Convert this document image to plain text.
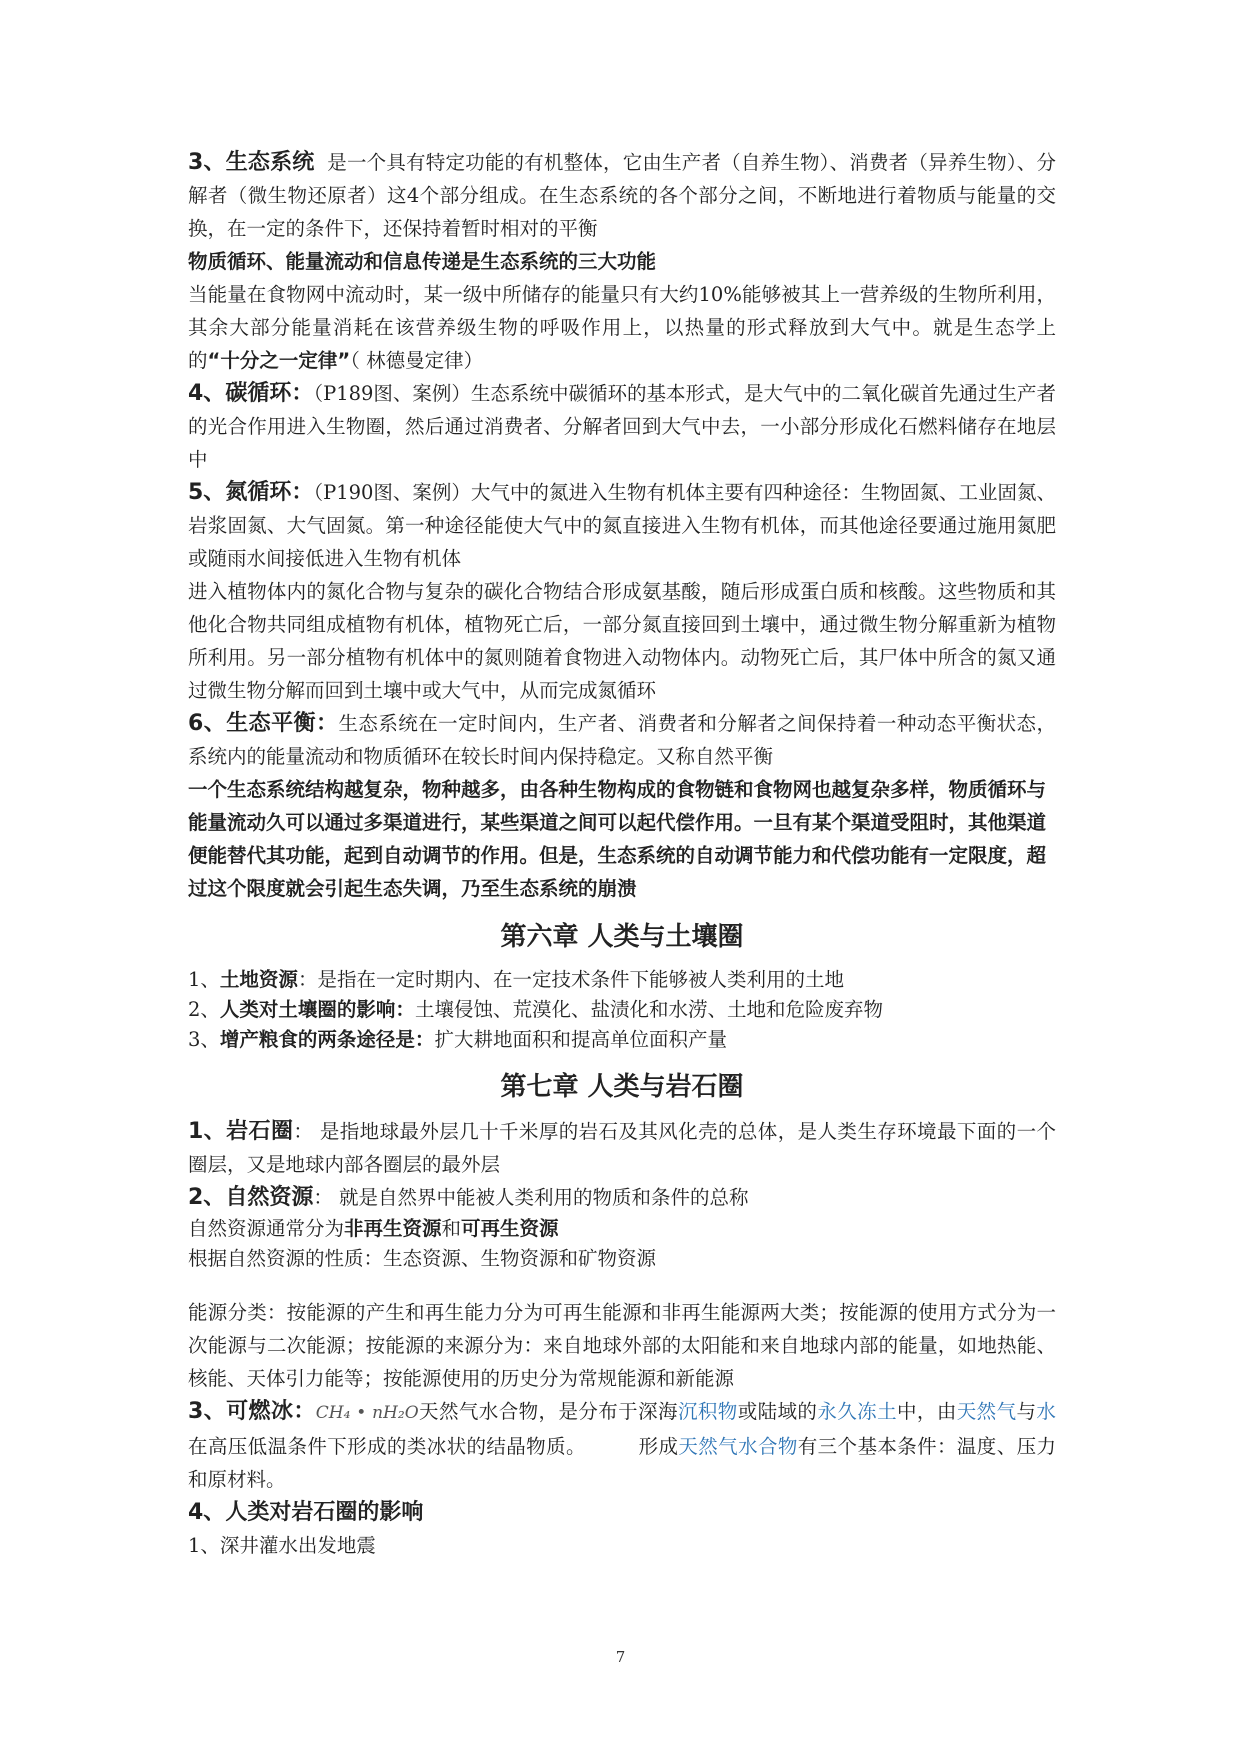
3、生态系统 是一个具有特定功能的有机整体，它由生产者（自养生物）、消费者（异养生物）、分解者（微生物还原者）这4个部分组成。在生态系统的各个部分之间，不断地进行着物质与能量的交换，在一定的条件下，还保持着暂时相对的平衡

物质循环、能量流动和信息传递是生态系统的三大功能

当能量在食物网中流动时，某一级中所储存的能量只有大约10%能够被其上一营养级的生物所利用，其余大部分能量消耗在该营养级生物的呼吸作用上，以热量的形式释放到大气中。就是生态学上的“十分之一定律”（ 林德曼定律）

4、碳循环：（P189图、案例）生态系统中碳循环的基本形式，是大气中的二氧化碳首先通过生产者的光合作用进入生物圈，然后通过消费者、分解者回到大气中去，一小部分形成化石燃料储存在地层中

5、氮循环：（P190图、案例）大气中的氮进入生物有机体主要有四种途径：生物固氮、工业固氮、岩浆固氮、大气固氮。第一种途径能使大气中的氮直接进入生物有机体，而其他途径要通过施用氮肥或随雨水间接低进入生物有机体

进入植物体内的氮化合物与复杂的碳化合物结合形成氨基酸，随后形成蛋白质和核酸。这些物质和其他化合物共同组成植物有机体，植物死亡后，一部分氮直接回到土壤中，通过微生物分解重新为植物所利用。另一部分植物有机体中的氮则随着食物进入动物体内。动物死亡后，其尸体中所含的氮又通过微生物分解而回到土壤中或大气中，从而完成氮循环

6、生态平衡：生态系统在一定时间内，生产者、消费者和分解者之间保持着一种动态平衡状态，系统内的能量流动和物质循环在较长时间内保持稳定。又称自然平衡

一个生态系统结构越复杂，物种越多，由各种生物构成的食物链和食物网也越复杂多样，物质循环与能量流动久可以通过多渠道进行，某些渠道之间可以起代偿作用。一旦有某个渠道受阻时，其他渠道便能替代其功能，起到自动调节的作用。但是，生态系统的自动调节能力和代偿功能有一定限度，超过这个限度就会引起生态失调，乃至生态系统的崩溃

第六章 人类与土壤圈

1、土地资源：是指在一定时期内、在一定技术条件下能够被人类利用的土地

2、人类对土壤圈的影响：土壤侵蚀、荒漠化、盐渍化和水涝、土地和危险废弃物

3、增产粮食的两条途径是：扩大耕地面积和提高单位面积产量

第七章 人类与岩石圈

1、岩石圈： 是指地球最外层几十千米厚的岩石及其风化壳的总体，是人类生存环境最下面的一个圈层，又是地球内部各圈层的最外层

2、自然资源： 就是自然界中能被人类利用的物质和条件的总称

自然资源通常分为非再生资源和可再生资源

根据自然资源的性质：生态资源、生物资源和矿物资源

能源分类：按能源的产生和再生能力分为可再生能源和非再生能源两大类；按能源的使用方式分为一次能源与二次能源；按能源的来源分为：来自地球外部的太阳能和来自地球内部的能量，如地热能、核能、天体引力能等；按能源使用的历史分为常规能源和新能源

3、可燃冰：CH₄ • nH₂O天然气水合物，是分布于深海沉积物或陆域的永久冻土中，由天然气与水在高压低温条件下形成的类冰状的结晶物质。        形成天然气水合物有三个基本条件：温度、压力和原材料。

4、人类对岩石圈的影响

1、深井灌水出发地震

7
